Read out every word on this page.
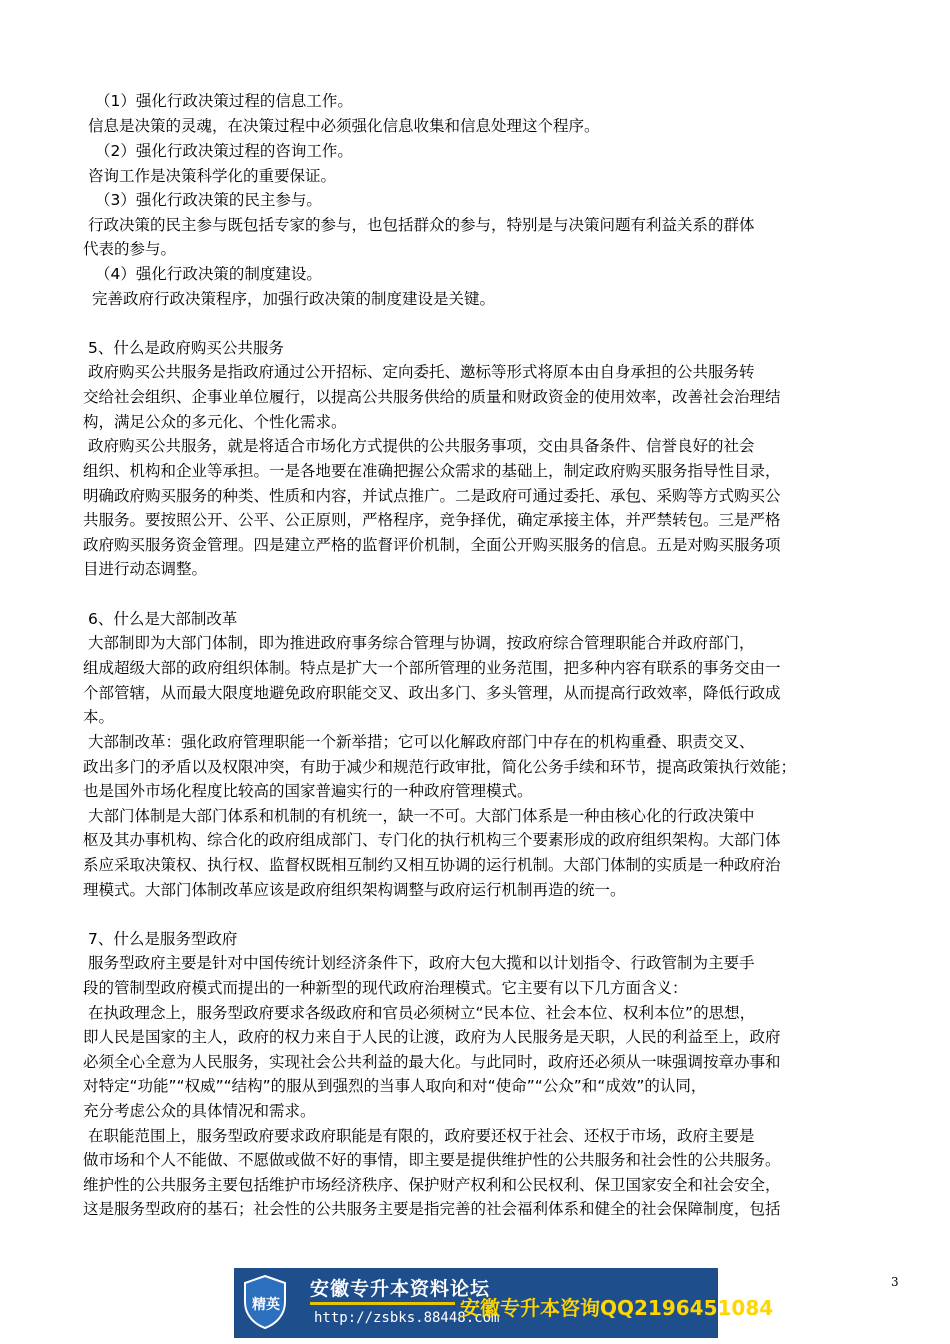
（1）强化行政决策过程的信息工作。
信息是决策的灵魂，在决策过程中必须强化信息收集和信息处理这个程序。
（2）强化行政决策过程的咨询工作。
咨询工作是决策科学化的重要保证。
（3）强化行政决策的民主参与。
行政决策的民主参与既包括专家的参与，也包括群众的参与，特别是与决策问题有利益关系的群体
代表的参与。
（4）强化行政决策的制度建设。
完善政府行政决策程序，加强行政决策的制度建设是关键。
5、什么是政府购买公共服务
政府购买公共服务是指政府通过公开招标、定向委托、邀标等形式将原本由自身承担的公共服务转
交给社会组织、企事业单位履行，以提高公共服务供给的质量和财政资金的使用效率，改善社会治理结
构，满足公众的多元化、个性化需求。
政府购买公共服务，就是将适合市场化方式提供的公共服务事项，交由具备条件、信誉良好的社会
组织、机构和企业等承担。一是各地要在准确把握公众需求的基础上，制定政府购买服务指导性目录，
明确政府购买服务的种类、性质和内容，并试点推广。二是政府可通过委托、承包、采购等方式购买公
共服务。要按照公开、公平、公正原则，严格程序，竞争择优，确定承接主体，并严禁转包。三是严格
政府购买服务资金管理。四是建立严格的监督评价机制，全面公开购买服务的信息。五是对购买服务项
目进行动态调整。
6、什么是大部制改革
大部制即为大部门体制，即为推进政府事务综合管理与协调，按政府综合管理职能合并政府部门，
组成超级大部的政府组织体制。特点是扩大一个部所管理的业务范围，把多种内容有联系的事务交由一
个部管辖，从而最大限度地避免政府职能交叉、政出多门、多头管理，从而提高行政效率，降低行政成
本。
大部制改革：强化政府管理职能一个新举措；它可以化解政府部门中存在的机构重叠、职责交叉、
政出多门的矛盾以及权限冲突，有助于减少和规范行政审批，简化公务手续和环节，提高政策执行效能；
也是国外市场化程度比较高的国家普遍实行的一种政府管理模式。
大部门体制是大部门体系和机制的有机统一，缺一不可。大部门体系是一种由核心化的行政决策中
枢及其办事机构、综合化的政府组成部门、专门化的执行机构三个要素形成的政府组织架构。大部门体
系应采取决策权、执行权、监督权既相互制约又相互协调的运行机制。大部门体制的实质是一种政府治
理模式。大部门体制改革应该是政府组织架构调整与政府运行机制再造的统一。
7、什么是服务型政府
服务型政府主要是针对中国传统计划经济条件下，政府大包大揽和以计划指令、行政管制为主要手
段的管制型政府模式而提出的一种新型的现代政府治理模式。它主要有以下几方面含义：
在执政理念上，服务型政府要求各级政府和官员必须树立“民本位、社会本位、权利本位”的思想，
即人民是国家的主人，政府的权力来自于人民的让渡，政府为人民服务是天职，人民的利益至上，政府
必须全心全意为人民服务，实现社会公共利益的最大化。与此同时，政府还必须从一味强调按章办事和
对特定“功能”“权威”“结构”的服从到强烈的当事人取向和对“使命”“公众”和“成效”的认同，
充分考虑公众的具体情况和需求。
在职能范围上，服务型政府要求政府职能是有限的，政府要还权于社会、还权于市场，政府主要是
做市场和个人不能做、不愿做或做不好的事情，即主要是提供维护性的公共服务和社会性的公共服务。
维护性的公共服务主要包括维护市场经济秩序、保护财产权利和公民权利、保卫国家安全和社会安全，
这是服务型政府的基石；社会性的公共服务主要是指完善的社会福利体系和健全的社会保障制度，包括
3
精英
安徽专升本资料论坛
http://zsbks.88448.com
安徽专升本咨询QQ2196451084
